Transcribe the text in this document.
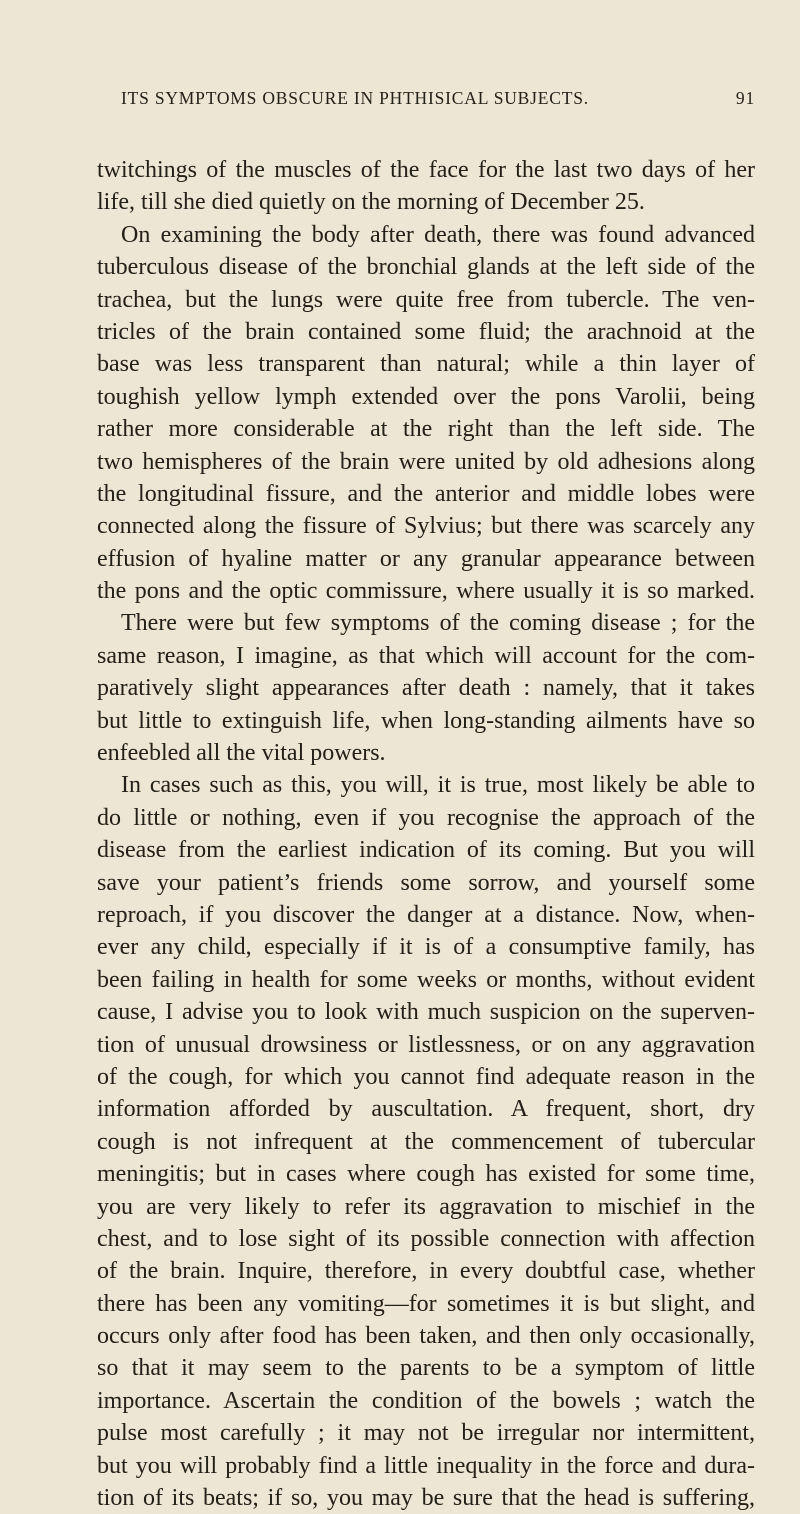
ITS SYMPTOMS OBSCURE IN PHTHISICAL SUBJECTS.	91
twitchings of the muscles of the face for the last two days of her
life, till she died quietly on the morning of December 25.
On examining the body after death, there was found advanced
tuberculous disease of the bronchial glands at the left side of the
trachea, but the lungs were quite free from tubercle. The ven-
tricles of the brain contained some fluid; the arachnoid at the
base was less transparent than natural; while a thin layer of
toughish yellow lymph extended over the pons Varolii, being
rather more considerable at the right than the left side. The
two hemispheres of the brain were united by old adhesions along
the longitudinal fissure, and the anterior and middle lobes were
connected along the fissure of Sylvius; but there was scarcely any
effusion of hyaline matter or any granular appearance between
the pons and the optic commissure, where usually it is so marked.
There were but few symptoms of the coming disease ; for the
same reason, I imagine, as that which will account for the com-
paratively slight appearances after death : namely, that it takes
but little to extinguish life, when long-standing ailments have so
enfeebled all the vital powers.
In cases such as this, you will, it is true, most likely be able to
do little or nothing, even if you recognise the approach of the
disease from the earliest indication of its coming. But you will
save your patient’s friends some sorrow, and yourself some
reproach, if you discover the danger at a distance. Now, when-
ever any child, especially if it is of a consumptive family, has
been failing in health for some weeks or months, without evident
cause, I advise you to look with much suspicion on the superven-
tion of unusual drowsiness or listlessness, or on any aggravation
of the cough, for which you cannot find adequate reason in the
information afforded by auscultation. A frequent, short, dry
cough is not infrequent at the commencement of tubercular
meningitis; but in cases where cough has existed for some time,
you are very likely to refer its aggravation to mischief in the
chest, and to lose sight of its possible connection with affection
of the brain. Inquire, therefore, in every doubtful case, whether
there has been any vomiting—for sometimes it is but slight, and
occurs only after food has been taken, and then only occasionally,
so that it may seem to the parents to be a symptom of little
importance. Ascertain the condition of the bowels ; watch the
pulse most carefully ; it may not be irregular nor intermittent,
but you will probably find a little inequality in the force and dura-
tion of its beats; if so, you may be sure that the head is suffering,
